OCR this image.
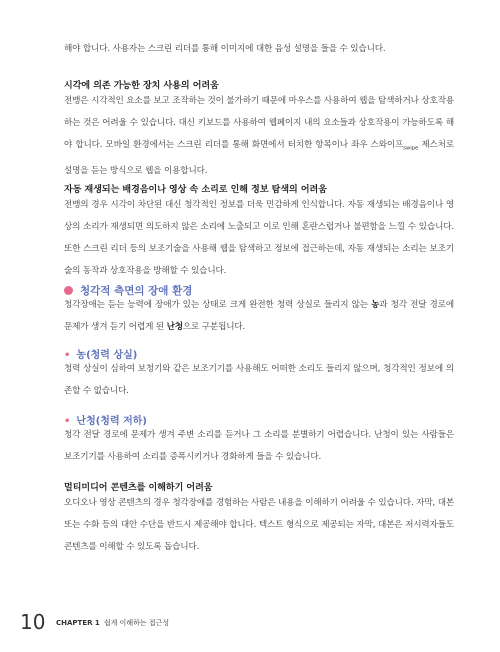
해야 합니다. 사용자는 스크린 리더를 통해 이미지에 대한 음성 설명을 들을 수 있습니다.
시각에 의존 가능한 장치 사용의 어려움
전맹은 시각적인 요소를 보고 조작하는 것이 불가하기 때문에 마우스를 사용하여 웹을 탐색하거나 상호작용하는 것은 어려울 수 있습니다. 대신 키보드를 사용하여 웹페이지 내의 요소들과 상호작용이 가능하도록 해야 합니다. 모바일 환경에서는 스크린 리더를 통해 화면에서 터치한 항목이나 좌우 스와이프$_{swipe}$ 제스처로 설명을 듣는 방식으로 웹을 이용합니다.
자동 재생되는 배경음이나 영상 속 소리로 인해 정보 탐색의 어려움
전맹의 경우 시각이 차단된 대신 청각적인 정보를 더욱 민감하게 인식합니다. 자동 재생되는 배경음이나 영상의 소리가 재생되면 의도하지 않은 소리에 노출되고 이로 인해 혼란스럽거나 불편함을 느낄 수 있습니다. 또한 스크린 리더 등의 보조기술을 사용해 웹을 탐색하고 정보에 접근하는데, 자동 재생되는 소리는 보조기술의 동작과 상호작용을 방해할 수 있습니다.
청각적 측면의 장애 환경
청각장애는 듣는 능력에 장애가 있는 상태로 크게 완전한 청력 상실로 들리지 않는 농과 청각 전달 경로에 문제가 생겨 듣기 어렵게 된 난청으로 구분됩니다.
• 농(청력 상실)
청력 상실이 심하여 보청기와 같은 보조기기를 사용해도 어떠한 소리도 들리지 않으며, 청각적인 정보에 의존할 수 없습니다.
• 난청(청력 저하)
청각 전달 경로에 문제가 생겨 주변 소리를 듣거나 그 소리를 분별하기 어렵습니다. 난청이 있는 사람들은 보조기기를 사용하여 소리를 증폭시키거나 경화하게 들을 수 있습니다.
멀티미디어 콘텐츠를 이해하기 어려움
오디오나 영상 콘텐츠의 경우 청각장애를 경험하는 사람은 내용을 이해하기 어려울 수 있습니다. 자막, 대본 또는 수화 등의 대안 수단을 반드시 제공해야 합니다. 텍스트 형식으로 제공되는 자막, 대본은 저시력자들도 콘텐츠를 이해할 수 있도록 돕습니다.
10 CHAPTER 1 쉽게 이해하는 접근성
